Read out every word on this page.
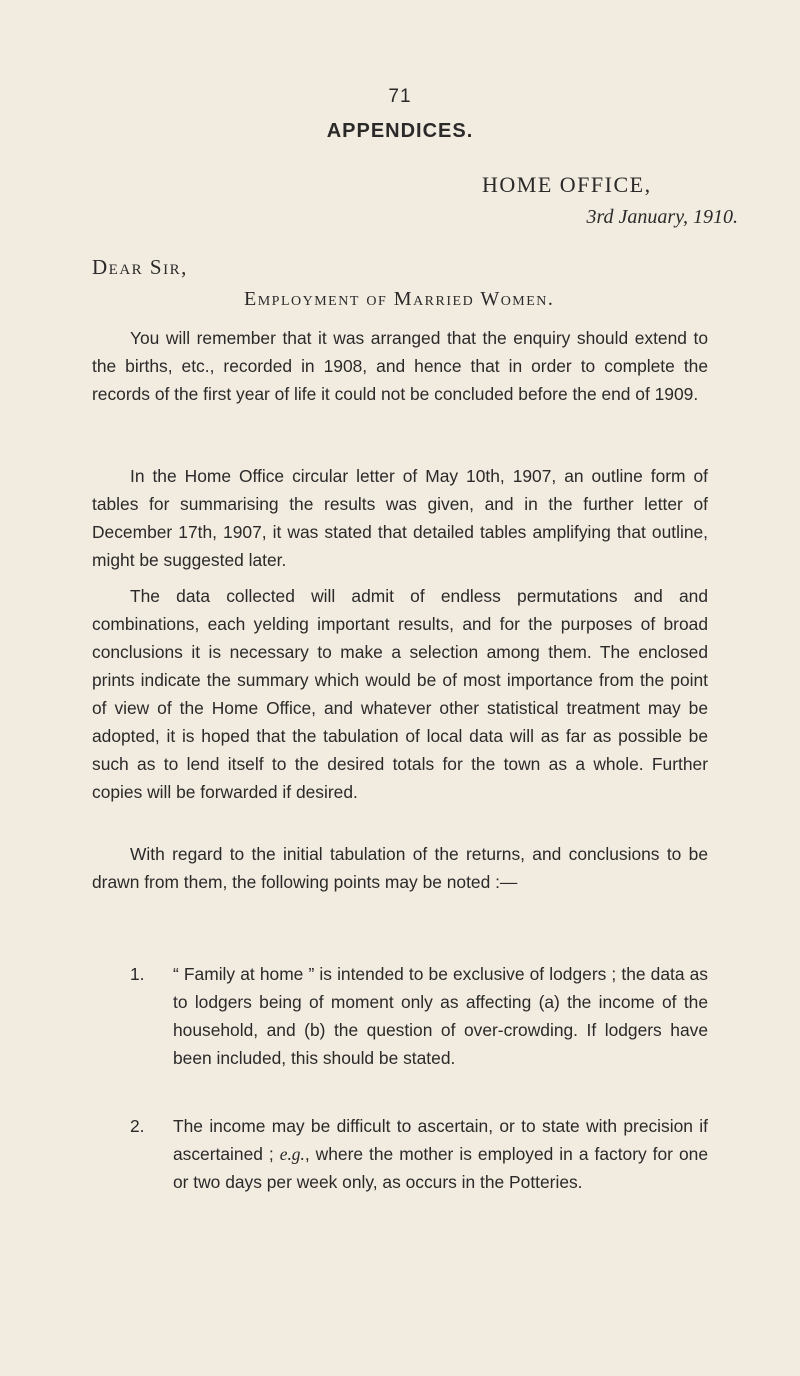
71
APPENDICES.
HOME OFFICE,
3rd January, 1910.
Dear Sir,
Employment of Married Women.

You will remember that it was arranged that the enquiry should extend to the births, etc., recorded in 1908, and hence that in order to complete the records of the first year of life it could not be concluded before the end of 1909.

In the Home Office circular letter of May 10th, 1907, an outline form of tables for summarising the results was given, and in the further letter of December 17th, 1907, it was stated that detailed tables amplifying that outline, might be suggested later.

The data collected will admit of endless permutations and and combinations, each yelding important results, and for the purposes of broad conclusions it is necessary to make a selection among them. The enclosed prints indicate the summary which would be of most importance from the point of view of the Home Office, and whatever other statistical treatment may be adopted, it is hoped that the tabulation of local data will as far as possible be such as to lend itself to the desired totals for the town as a whole. Further copies will be forwarded if desired.

With regard to the initial tabulation of the returns, and conclusions to be drawn from them, the following points may be noted :—

1. “ Family at home ” is intended to be exclusive of lodgers ; the data as to lodgers being of moment only as affecting (a) the income of the household, and (b) the question of over-crowding. If lodgers have been included, this should be stated.
2. The income may be difficult to ascertain, or to state with precision if ascertained ; e.g., where the mother is employed in a factory for one or two days per week only, as occurs in the Potteries.
